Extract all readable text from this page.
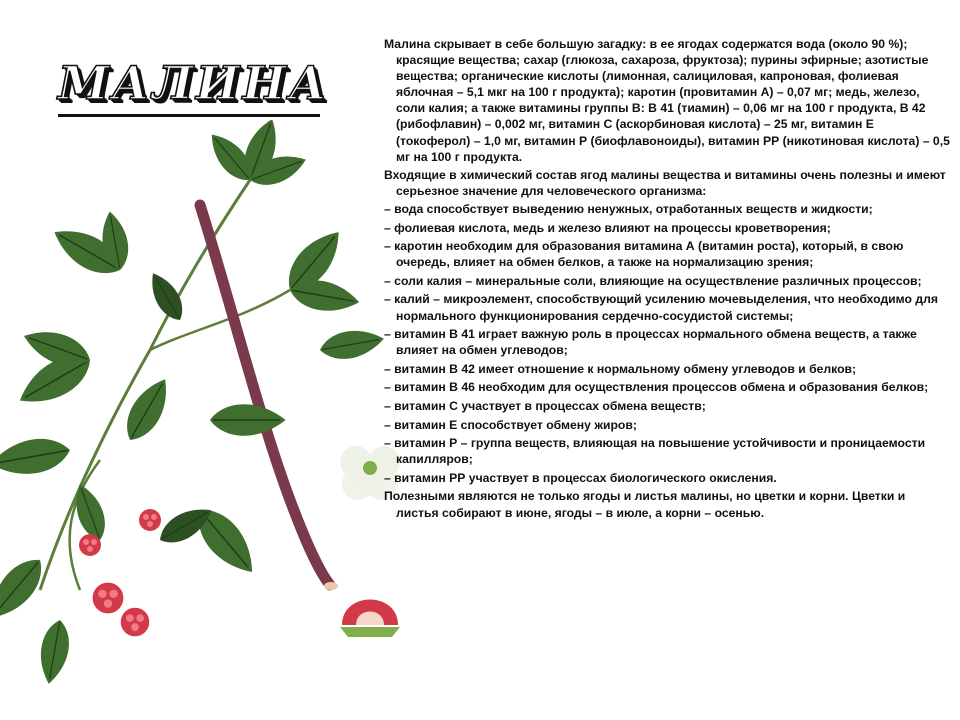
МАЛИНА

Малина скрывает в себе большую загадку: в ее ягодах содержатся вода (около 90 %); красящие вещества; сахар (глюкоза, сахароза, фруктоза); пурины эфирные; азотистые вещества; органические кислоты (лимонная, салициловая, капроновая, фолиевая яблочная – 5,1 мкг на 100 г продукта); каротин (провитамин А) – 0,07 мг; медь, железо, соли калия; а также витамины группы В: В 41 (тиамин) – 0,06 мг на 100 г продукта, В 42 (рибофлавин) – 0,002 мг, витамин С (аскорбиновая кислота) – 25 мг, витамин Е (токоферол) – 1,0 мг, витамин Р (биофлавоноиды), витамин РР (никотиновая кислота) – 0,5 мг на 100 г продукта.

Входящие в химический состав ягод малины вещества и витамины очень полезны и имеют серьезное значение для человеческого организма:

– вода способствует выведению ненужных, отработанных веществ и жидкости;
– фолиевая кислота, медь и железо влияют на процессы кроветворения;
– каротин необходим для образования витамина А (витамин роста), который, в свою очередь, влияет на обмен белков, а также на нормализацию зрения;
– соли калия – минеральные соли, влияющие на осуществление различных процессов;
– калий – микроэлемент, способствующий усилению мочевыделения, что необходимо для нормального функционирования сердечно-сосудистой системы;
– витамин В 41 играет важную роль в процессах нормального обмена веществ, а также влияет на обмен углеводов;
– витамин В 42 имеет отношение к нормальному обмену углеводов и белков;
– витамин В 46 необходим для осуществления процессов обмена и образования белков;
– витамин С участвует в процессах обмена веществ;
– витамин Е способствует обмену жиров;
– витамин Р – группа веществ, влияющая на повышение устойчивости и проницаемости капилляров;
– витамин РР участвует в процессах биологического окисления.

Полезными являются не только ягоды и листья малины, но цветки и корни. Цветки и листья собирают в июне, ягоды – в июле, а корни – осенью.
